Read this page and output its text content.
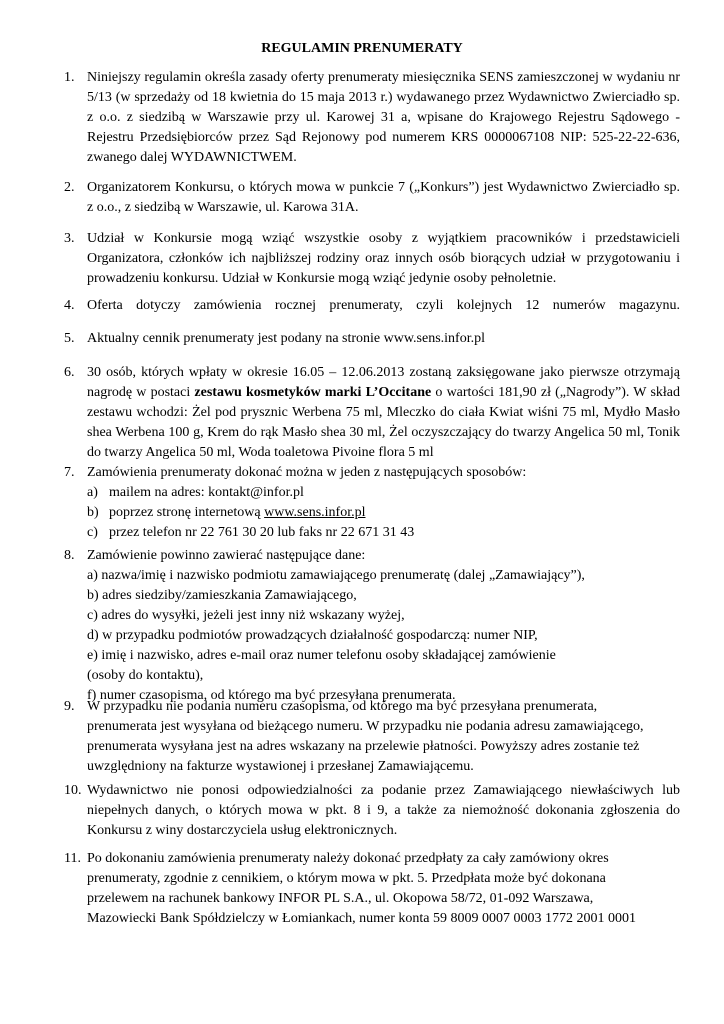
REGULAMIN PRENUMERATY
1. Niniejszy regulamin określa zasady oferty prenumeraty miesięcznika SENS zamieszczonej w wydaniu nr 5/13 (w sprzedaży od 18 kwietnia do 15 maja 2013 r.) wydawanego przez Wydawnictwo Zwierciadło sp. z o.o. z siedzibą w Warszawie przy ul. Karowej 31 a, wpisane do Krajowego Rejestru Sądowego - Rejestru Przedsiębiorców przez Sąd Rejonowy pod numerem KRS 0000067108 NIP: 525-22-22-636, zwanego dalej WYDAWNICTWEM.
2. Organizatorem Konkursu, o których mowa w punkcie 7 („Konkurs”) jest Wydawnictwo Zwierciadło sp. z o.o., z siedzibą w Warszawie, ul. Karowa 31A.
3. Udział w Konkursie mogą wziąć wszystkie osoby z wyjątkiem pracowników i przedstawicieli Organizatora, członków ich najbliższej rodziny oraz innych osób biorących udział w przygotowaniu i prowadzeniu konkursu. Udział w Konkursie mogą wziąć jedynie osoby pełnoletnie.
4. Oferta dotyczy zamówienia rocznej prenumeraty, czyli kolejnych 12 numerów magazynu.
5. Aktualny cennik prenumeraty jest podany na stronie www.sens.infor.pl
6. 30 osób, których wpłaty w okresie 16.05 – 12.06.2013 zostaną zaksięgowane jako pierwsze otrzymają nagrodę w postaci zestawu kosmetyków marki L’Occitane o wartości 181,90 zł („Nagrody”). W skład zestawu wchodzi: Żel pod prysznic Werbena 75 ml, Mleczko do ciała Kwiat wiśni 75 ml, Mydło Masło shea Werbena 100 g, Krem do rąk Masło shea 30 ml, Żel oczyszczający do twarzy Angelica 50 ml, Tonik do twarzy Angelica 50 ml, Woda toaletowa Pivoine flora 5 ml
7. Zamówienia prenumeraty dokonać można w jeden z następujących sposobów:
a) mailem na adres: kontakt@infor.pl
b) poprzez stronę internetową www.sens.infor.pl
c) przez telefon nr 22 761 30 20 lub faks nr 22 671 31 43
8. Zamówienie powinno zawierać następujące dane:
a) nazwa/imię i nazwisko podmiotu zamawiającego prenumeratę (dalej „Zamawiający”),
b) adres siedziby/zamieszkania Zamawiającego,
c) adres do wysyłki, jeżeli jest inny niż wskazany wyżej,
d) w przypadku podmiotów prowadzących działalność gospodarczą: numer NIP,
e) imię i nazwisko, adres e-mail oraz numer telefonu osoby składającej zamówienie
(osoby do kontaktu),
f) numer czasopisma, od którego ma być przesyłana prenumerata.
9. W przypadku nie podania numeru czasopisma, od którego ma być przesyłana prenumerata,
prenumerata jest wysyłana od bieżącego numeru. W przypadku nie podania adresu zamawiającego,
prenumerata wysyłana jest na adres wskazany na przelewie płatności. Powyższy adres zostanie też
uwzględniony na fakturze wystawionej i przesłanej Zamawiającemu.
10. Wydawnictwo nie ponosi odpowiedzialności za podanie przez Zamawiającego niewłaściwych lub niepełnych danych, o których mowa w pkt. 8 i 9, a także za niemożność dokonania zgłoszenia do Konkursu z winy dostarczyciela usług elektronicznych.
11. Po dokonaniu zamówienia prenumeraty należy dokonać przedpłaty za cały zamówiony okres
prenumeraty, zgodnie z cennikiem, o którym mowa w pkt. 5. Przedpłata może być dokonana
przelewem na rachunek bankowy INFOR PL S.A., ul. Okopowa 58/72, 01-092 Warszawa,
Mazowiecki Bank Spółdzielczy w Łomiankach, numer konta 59 8009 0007 0003 1772 2001 0001
